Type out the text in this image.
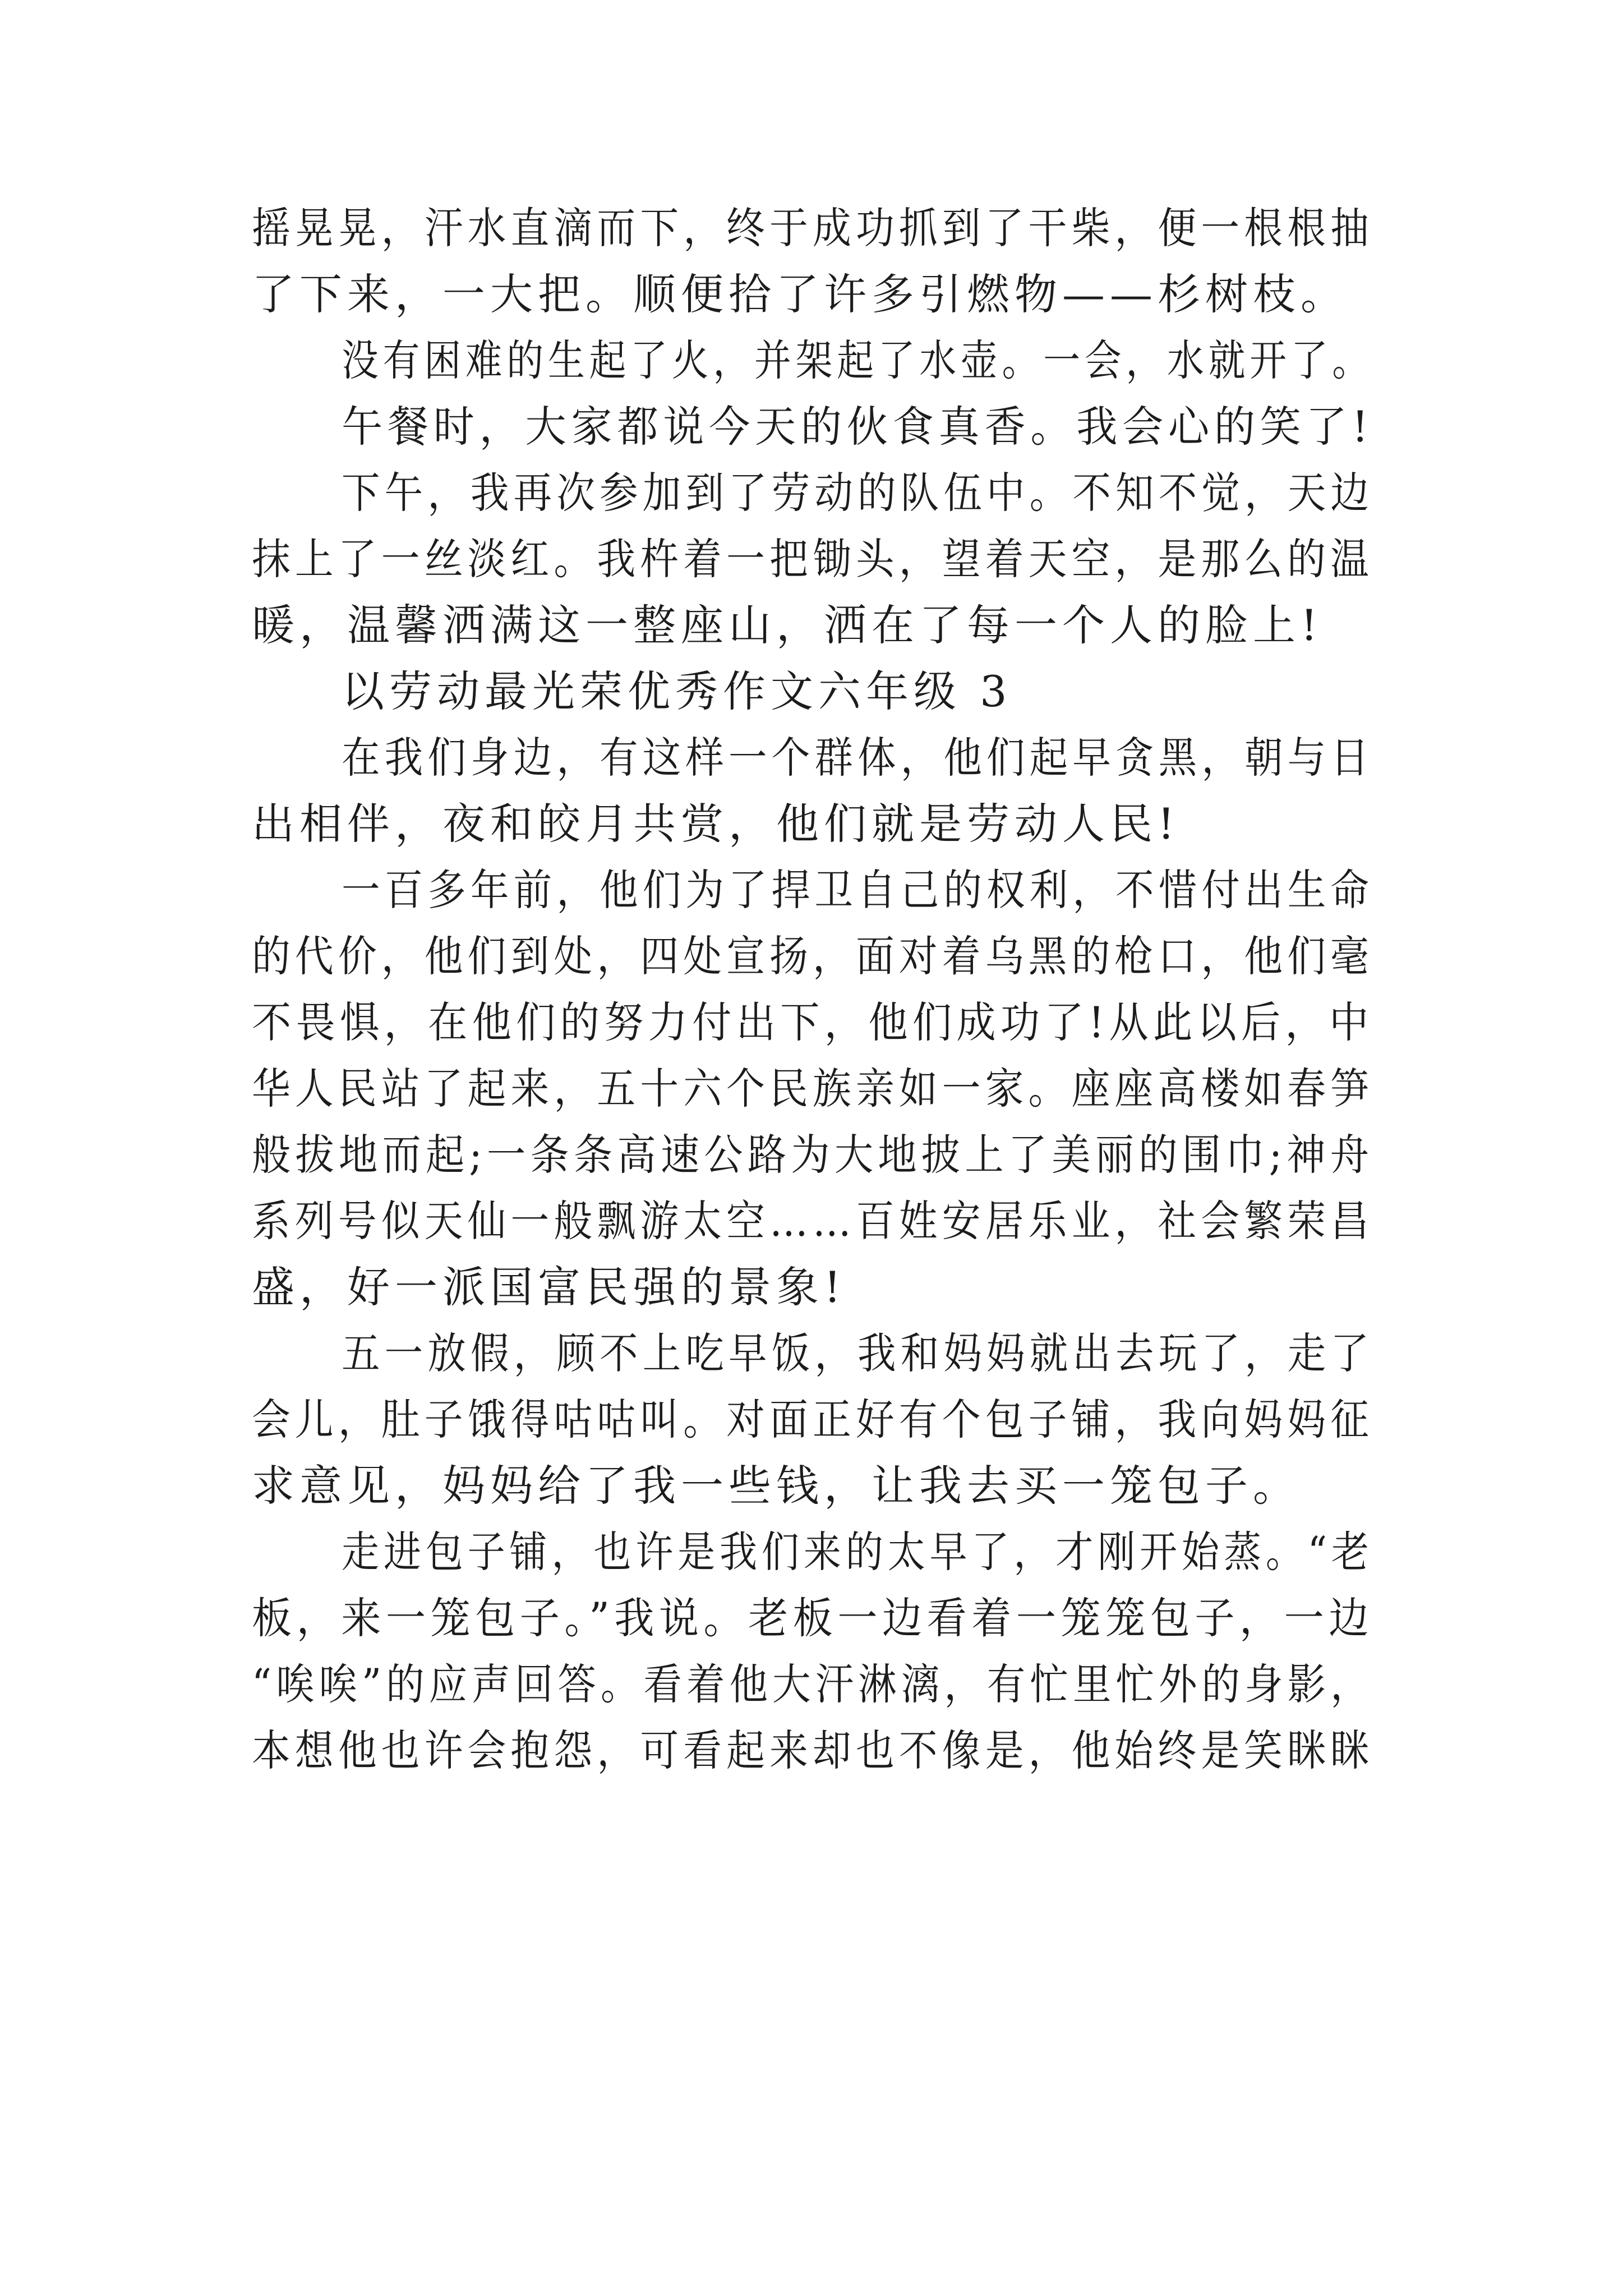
摇晃晃，汗水直滴而下，终于成功抓到了干柴，便一根根抽
了下来，一大把。顺便拾了许多引燃物——杉树枝。
没有困难的生起了火，并架起了水壶。一会，水就开了。
午餐时，大家都说今天的伙食真香。我会心的笑了!
下午，我再次参加到了劳动的队伍中。不知不觉，天边
抹上了一丝淡红。我杵着一把锄头，望着天空，是那么的温
暖，温馨洒满这一整座山，洒在了每一个人的脸上!
以劳动最光荣优秀作文六年级 3
在我们身边，有这样一个群体，他们起早贪黑，朝与日
出相伴，夜和皎月共赏，他们就是劳动人民!
一百多年前，他们为了捍卫自己的权利，不惜付出生命
的代价，他们到处，四处宣扬，面对着乌黑的枪口，他们毫
不畏惧，在他们的努力付出下，他们成功了!从此以后，中
华人民站了起来，五十六个民族亲如一家。座座高楼如春笋
般拔地而起;一条条高速公路为大地披上了美丽的围巾;神舟
系列号似天仙一般飘游太空……百姓安居乐业，社会繁荣昌
盛，好一派国富民强的景象!
五一放假，顾不上吃早饭，我和妈妈就出去玩了，走了
会儿，肚子饿得咕咕叫。对面正好有个包子铺，我向妈妈征
求意见，妈妈给了我一些钱，让我去买一笼包子。
走进包子铺，也许是我们来的太早了，才刚开始蒸。“老
板，来一笼包子。”我说。老板一边看着一笼笼包子，一边
“唉唉”的应声回答。看着他大汗淋漓，有忙里忙外的身影，
本想他也许会抱怨，可看起来却也不像是，他始终是笑眯眯
